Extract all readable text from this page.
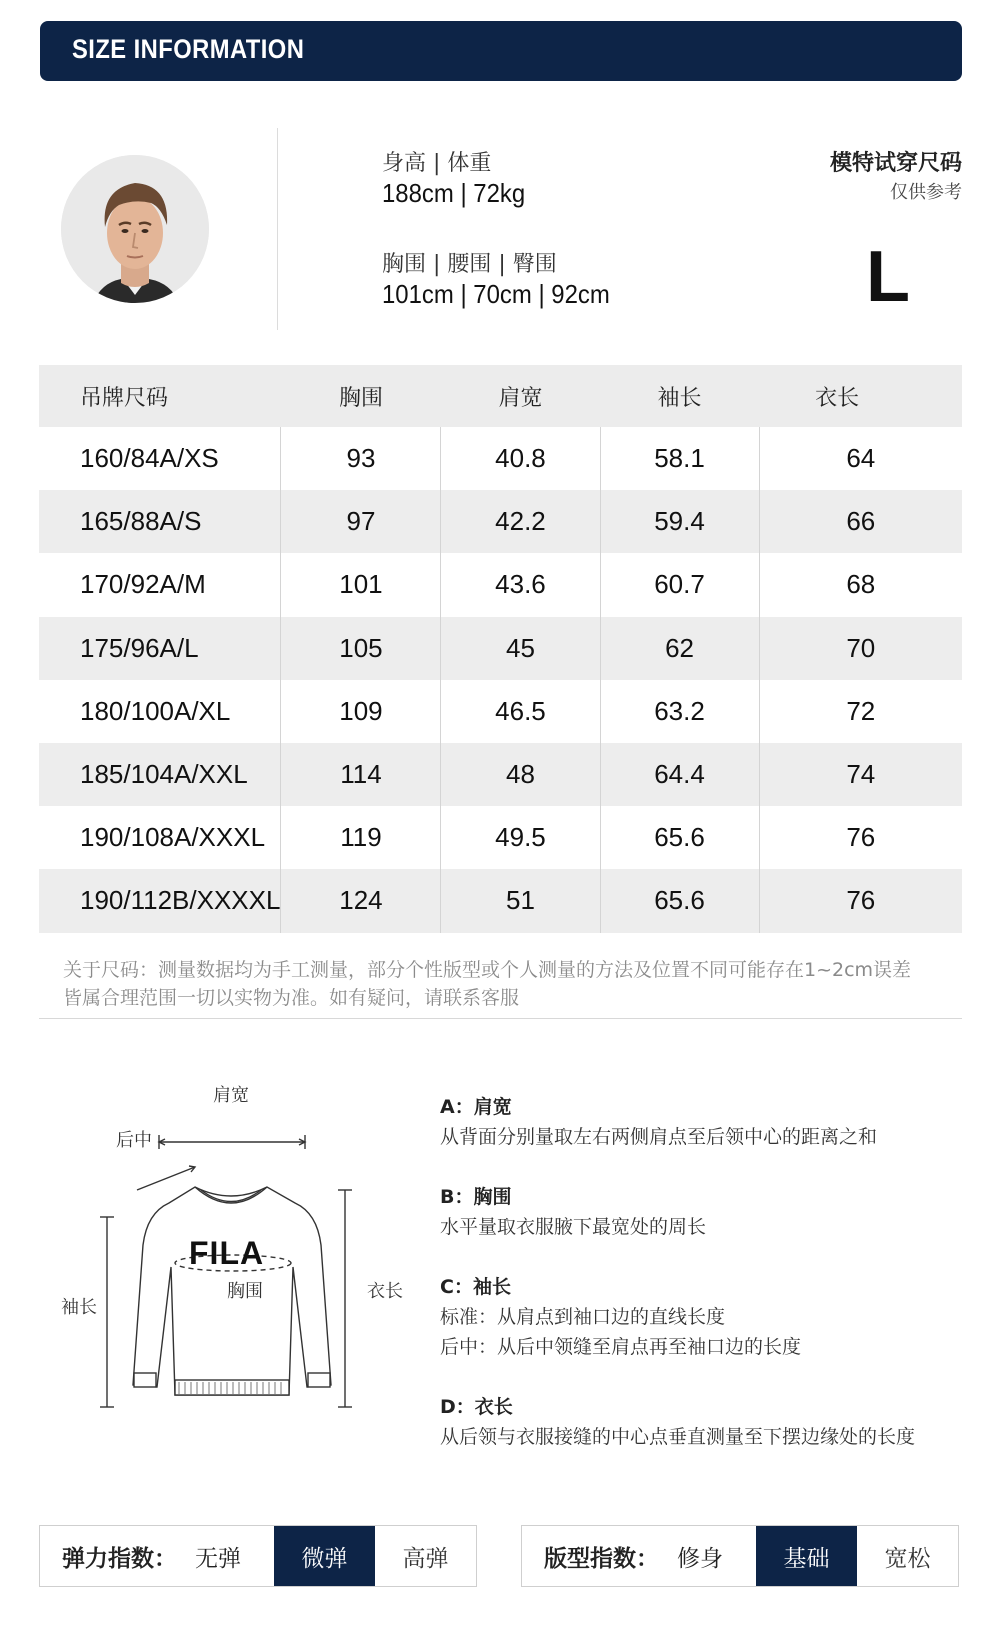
SIZE INFORMATION
身高 | 体重
188cm | 72kg
胸围 | 腰围 | 臀围
101cm | 70cm | 92cm
模特试穿尺码
仅供参考
L
吊牌尺码	胸围	肩宽	袖长	衣长
160/84A/XS	93	40.8	58.1	64
165/88A/S	97	42.2	59.4	66
170/92A/M	101	43.6	60.7	68
175/96A/L	105	45	62	70
180/100A/XL	109	46.5	63.2	72
185/104A/XXL	114	48	64.4	74
190/108A/XXXL	119	49.5	65.6	76
190/112B/XXXXL	124	51	65.6	76
关于尺码：测量数据均为手工测量，部分个性版型或个人测量的方法及位置不同可能存在1~2cm误差
皆属合理范围一切以实物为准。如有疑问，请联系客服
肩宽
后中
袖长
衣长
胸围
FILA
A：肩宽
从背面分别量取左右两侧肩点至后领中心的距离之和
B：胸围
水平量取衣服腋下最宽处的周长
C：袖长
标准：从肩点到袖口边的直线长度
后中：从后中领缝至肩点再至袖口边的长度
D：衣长
从后领与衣服接缝的中心点垂直测量至下摆边缘处的长度
弹力指数： 无弹	微弹	高弹	版型指数： 修身	基础	宽松
